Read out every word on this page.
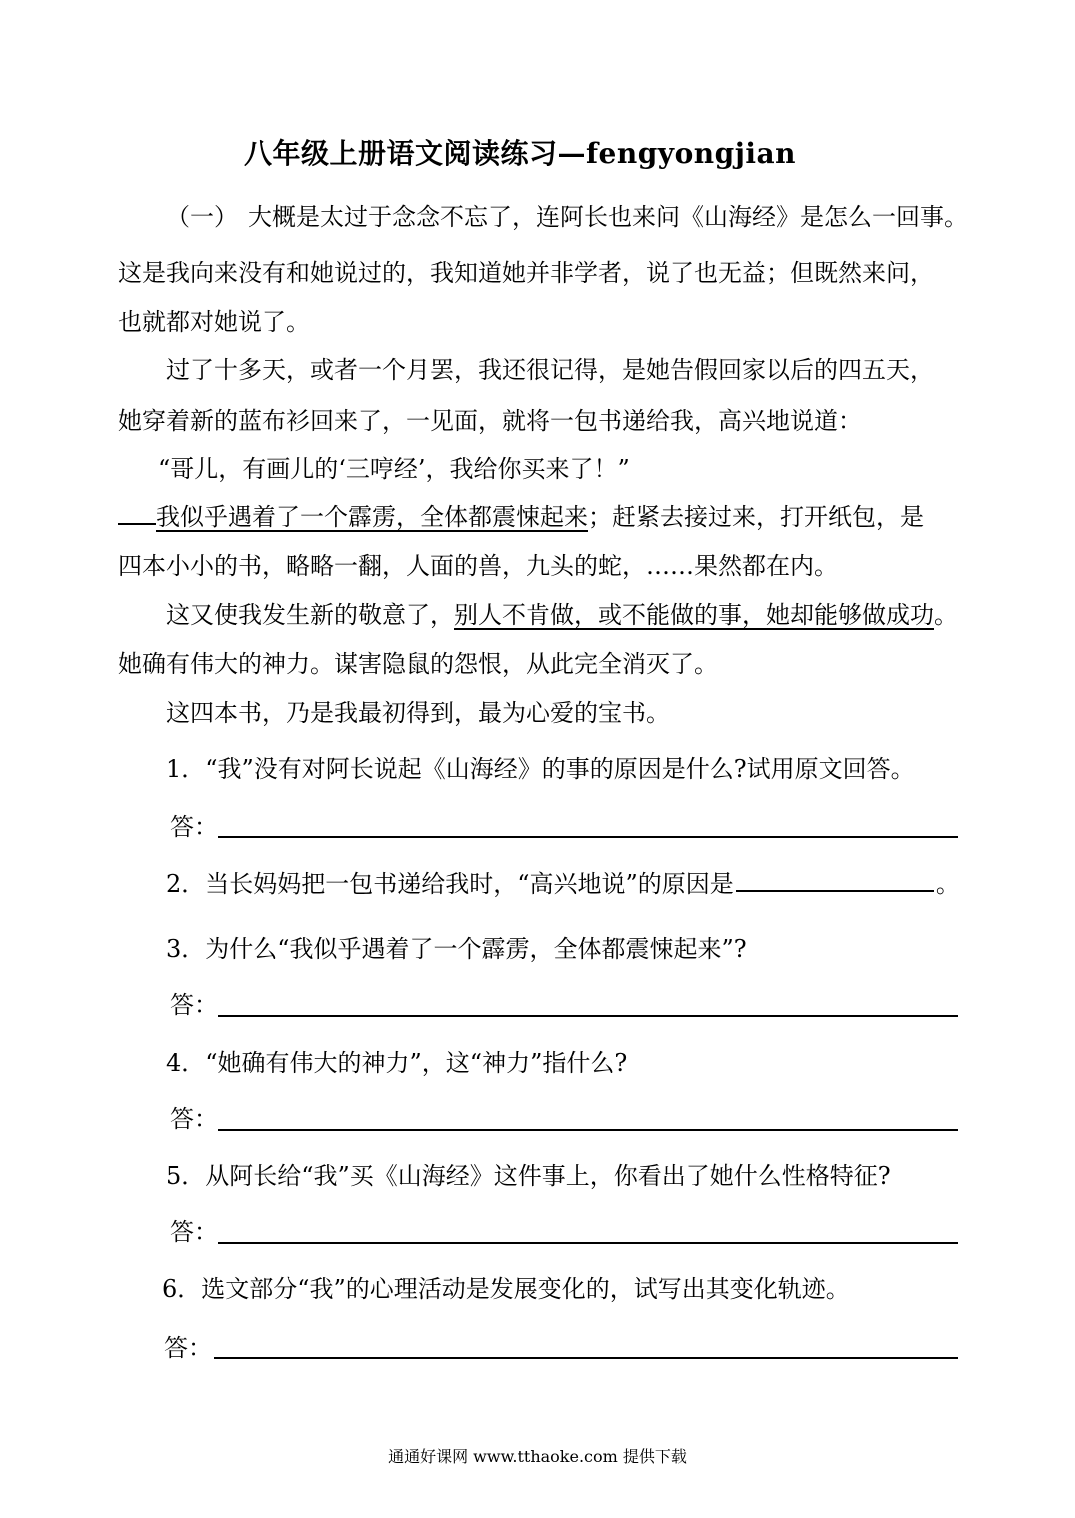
八年级上册语文阅读练习—fengyongjian
（一） 大概是太过于念念不忘了，连阿长也来问《山海经》是怎么一回事。
这是我向来没有和她说过的，我知道她并非学者，说了也无益；但既然来问，
也就都对她说了。
过了十多天，或者一个月罢，我还很记得，是她告假回家以后的四五天，
她穿着新的蓝布衫回来了，一见面，就将一包书递给我，高兴地说道：
“哥儿，有画儿的‘三哼经’，我给你买来了！”
我似乎遇着了一个霹雳，全体都震悚起来；赶紧去接过来，打开纸包，是
四本小小的书，略略一翻，人面的兽，九头的蛇，……果然都在内。
这又使我发生新的敬意了，别人不肯做，或不能做的事，她却能够做成功。
她确有伟大的神力。谋害隐鼠的怨恨，从此完全消灭了。
这四本书，乃是我最初得到，最为心爱的宝书。
1．“我”没有对阿长说起《山海经》的事的原因是什么?试用原文回答。
答：
2．当长妈妈把一包书递给我时，“高兴地说”的原因是	。
3．为什么“我似乎遇着了一个霹雳，全体都震悚起来”?
答：
4．“她确有伟大的神力”，这“神力”指什么?
答：
5．从阿长给“我”买《山海经》这件事上，你看出了她什么性格特征?
答：
6．选文部分“我”的心理活动是发展变化的，试写出其变化轨迹。
答：
通通好课网 www.tthaoke.com 提供下载
